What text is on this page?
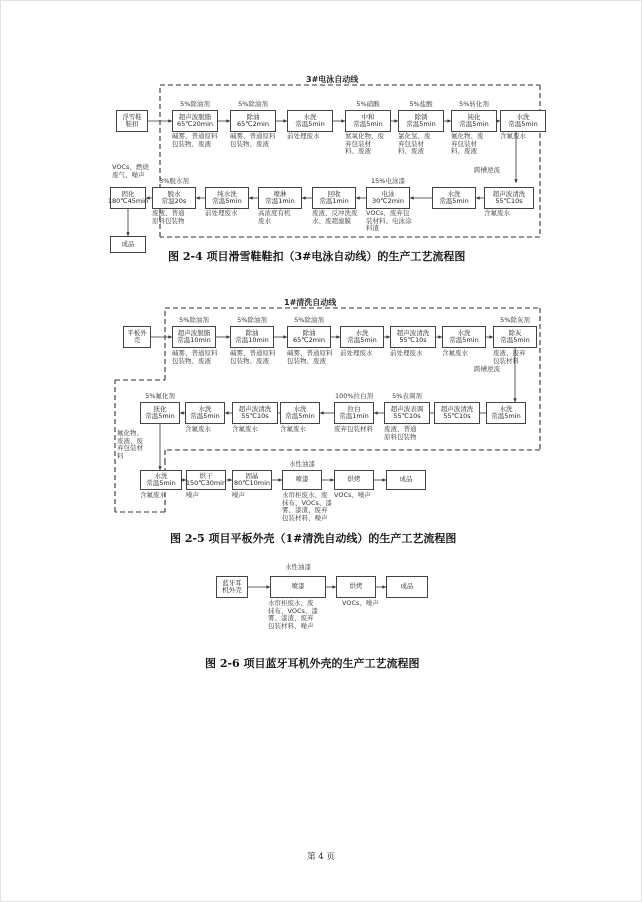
浮雪鞋
鞋扣
超声波脱脂
65℃20min
5%除油剂
碱雾、普通原料
包装物、废液
除油
65℃2min
5%除油剂
碱雾、普通原料
包装物、废液
水洗
常温5min
前处理废水
中和
常温5min
5%硝酸
氮氧化物、废
弃包装材
料、废液
除锈
常温5min
5%盐酸
氯化氢、废
弃包装材
料、废液
钝化
常温5min
5%转化剂
氟化物、废
弃包装材
料、废液
水洗
常温5min
含氟废水
跨槽逆流
脱水
常温20s
3%脱水剂
废液、普通
原料包装物
纯水洗
常温5min
前处理废水
喷淋
常温1min
高浓度有机
废水
回收
常温1min
废液、反冲洗废
水、废超滤膜
电泳
30℃2min
15%电泳漆
VOCs、废弃包
装材料、电泳涂
料渣
水洗
常温5min
超声波清洗
55℃10s
含氟废水
固化
180℃45min
VOCs、燃烧
废气、噪声
成品
平板外
壳
超声波脱脂
常温10min
5%除油剂
碱雾、普通原料
包装物、废液
除油
常温10min
5%除油剂
碱雾、普通原料
包装物、废液
除油
65℃2min
5%除油剂
碱雾、普通原料
包装物、废液
水洗
常温5min
前处理废水
超声波清洗
55℃10s
前处理废水
水洗
常温5min
含氟废水
除灰
常温5min
5%除灰剂
废液、废弃
包装材料
跨槽逆流
抚化
常温5min
5%氟化剂
水洗
常温5min
含氟废水
超声波清洗
55℃10s
含氟废水
水洗
常温5min
含氟废水
拉白
常温1min
100%拉白剂
废弃包装材料
超声波表调
55℃10s
5%表调剂
废液、普通
原料包装物
超声波清洗
55℃10s
水洗
常温5min
氟化物、
废液、废
弃包装材
料
水洗
常温5min
含氟废水
烘干
150℃30min
噪声
固晶
80℃10min
噪声
喷漆
水性油漆
水帘柜废水、废
抹布、VOCs、漆
雾、漆渣、废弃
包装材料、噪声
烘烤
VOCs、噪声
成品
蓝牙耳
机外壳	喷漆	烘烤	成品
水性油漆
水帘柜废水、废
抹布、VOCs、漆
雾、漆渣、废弃
包装材料、噪声
VOCs、噪声
图 2-4 项目滑雪鞋鞋扣（3#电泳自动线）的生产工艺流程图
图 2-5 项目平板外壳（1#清洗自动线）的生产工艺流程图
图 2-6 项目蓝牙耳机外壳的生产工艺流程图
3#电泳自动线
1#清洗自动线
第 4 页
